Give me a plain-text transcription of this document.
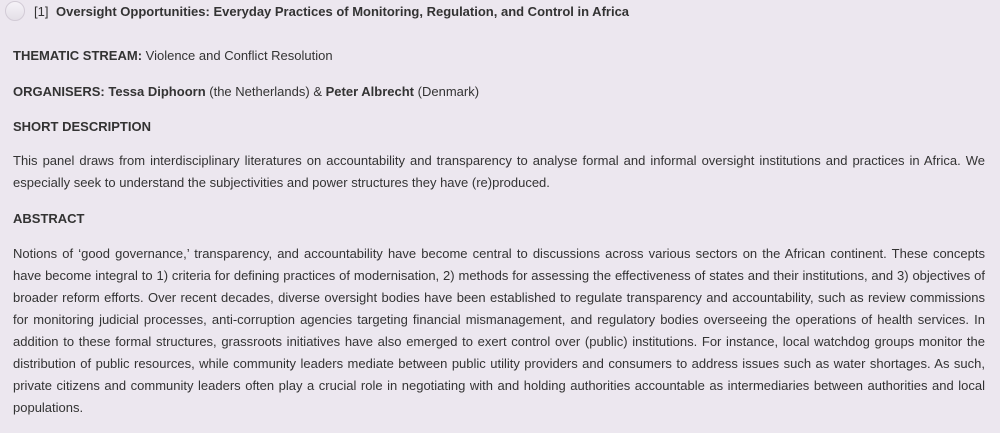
[1] Oversight Opportunities: Everyday Practices of Monitoring, Regulation, and Control in Africa
THEMATIC STREAM: Violence and Conflict Resolution
ORGANISERS: Tessa Diphoorn (the Netherlands) & Peter Albrecht (Denmark)
SHORT DESCRIPTION

This panel draws from interdisciplinary literatures on accountability and transparency to analyse formal and informal oversight institutions and practices in Africa. We especially seek to understand the subjectivities and power structures they have (re)produced.

ABSTRACT

Notions of ‘good governance,’ transparency, and accountability have become central to discussions across various sectors on the African continent. These concepts have become integral to 1) criteria for defining practices of modernisation, 2) methods for assessing the effectiveness of states and their institutions, and 3) objectives of broader reform efforts. Over recent decades, diverse oversight bodies have been established to regulate transparency and accountability, such as review commissions for monitoring judicial processes, anti-corruption agencies targeting financial mismanagement, and regulatory bodies overseeing the operations of health services. In addition to these formal structures, grassroots initiatives have also emerged to exert control over (public) institutions. For instance, local watchdog groups monitor the distribution of public resources, while community leaders mediate between public utility providers and consumers to address issues such as water shortages. As such, private citizens and community leaders often play a crucial role in negotiating with and holding authorities accountable as intermediaries between authorities and local populations.
